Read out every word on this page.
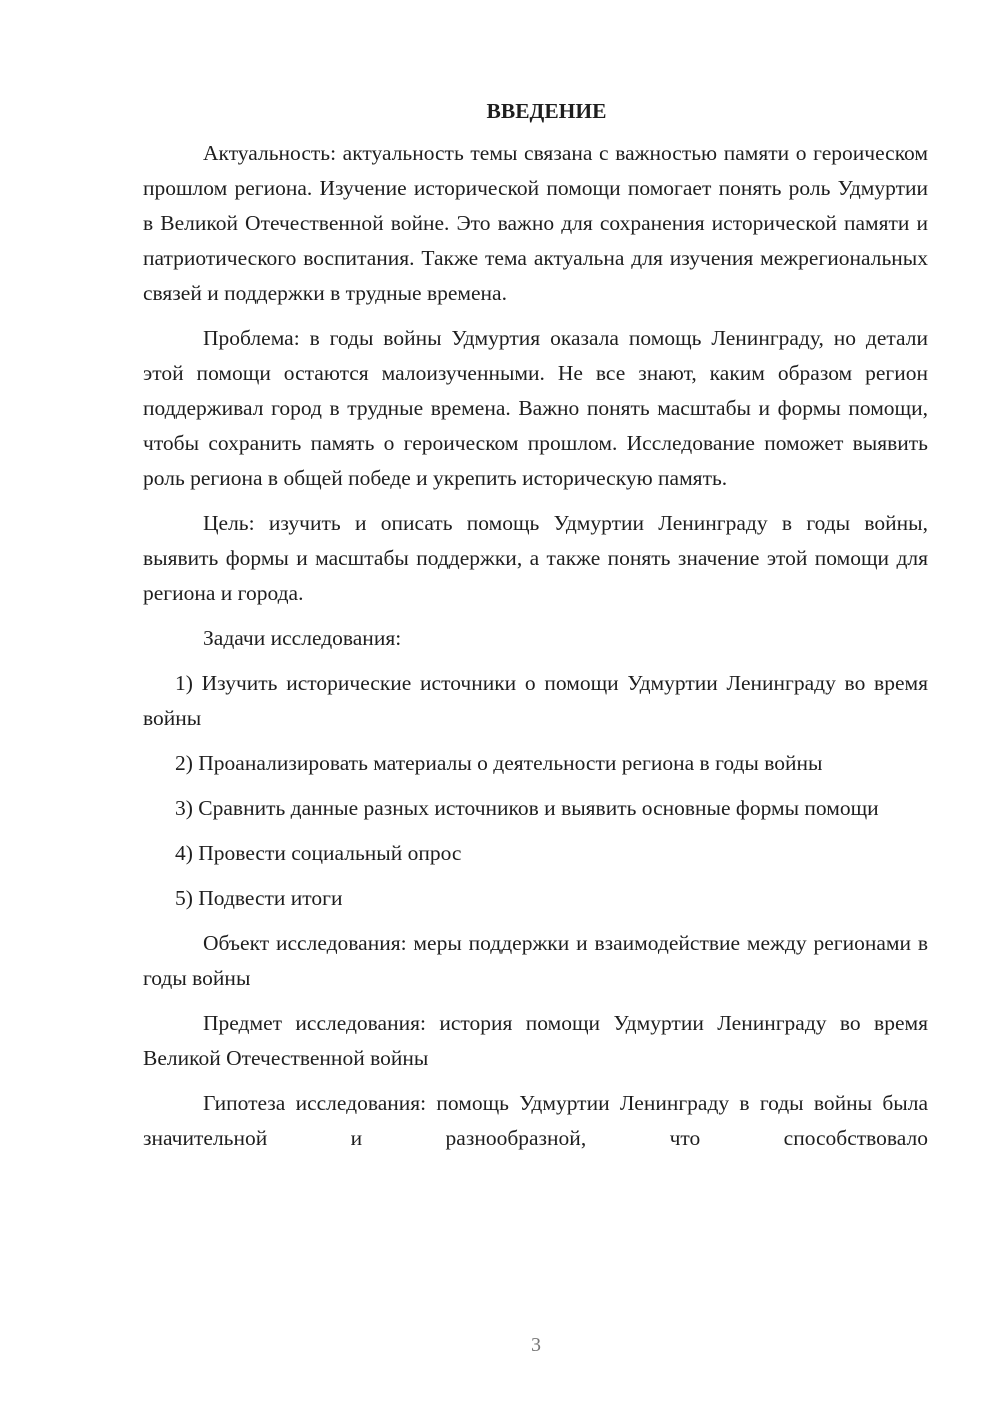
ВВЕДЕНИЕ

Актуальность: актуальность темы связана с важностью памяти о героическом прошлом региона. Изучение исторической помощи помогает понять роль Удмуртии в Великой Отечественной войне. Это важно для сохранения исторической памяти и патриотического воспитания. Также тема актуальна для изучения межрегиональных связей и поддержки в трудные времена.

Проблема: в годы войны Удмуртия оказала помощь Ленинграду, но детали этой помощи остаются малоизученными. Не все знают, каким образом регион поддерживал город в трудные времена. Важно понять масштабы и формы помощи, чтобы сохранить память о героическом прошлом. Исследование поможет выявить роль региона в общей победе и укрепить историческую память.

Цель: изучить и описать помощь Удмуртии Ленинграду в годы войны, выявить формы и масштабы поддержки, а также понять значение этой помощи для региона и города.

Задачи исследования:

1) Изучить исторические источники о помощи Удмуртии Ленинграду во время войны

2) Проанализировать материалы о деятельности региона в годы войны

3) Сравнить данные разных источников и выявить основные формы помощи

4) Провести социальный опрос

5) Подвести итоги

Объект исследования: меры поддержки и взаимодействие между регионами в годы войны

Предмет исследования: история помощи Удмуртии Ленинграду во время Великой Отечественной войны

Гипотеза исследования: помощь Удмуртии Ленинграду в годы войны была значительной и разнообразной, что способствовало

3
